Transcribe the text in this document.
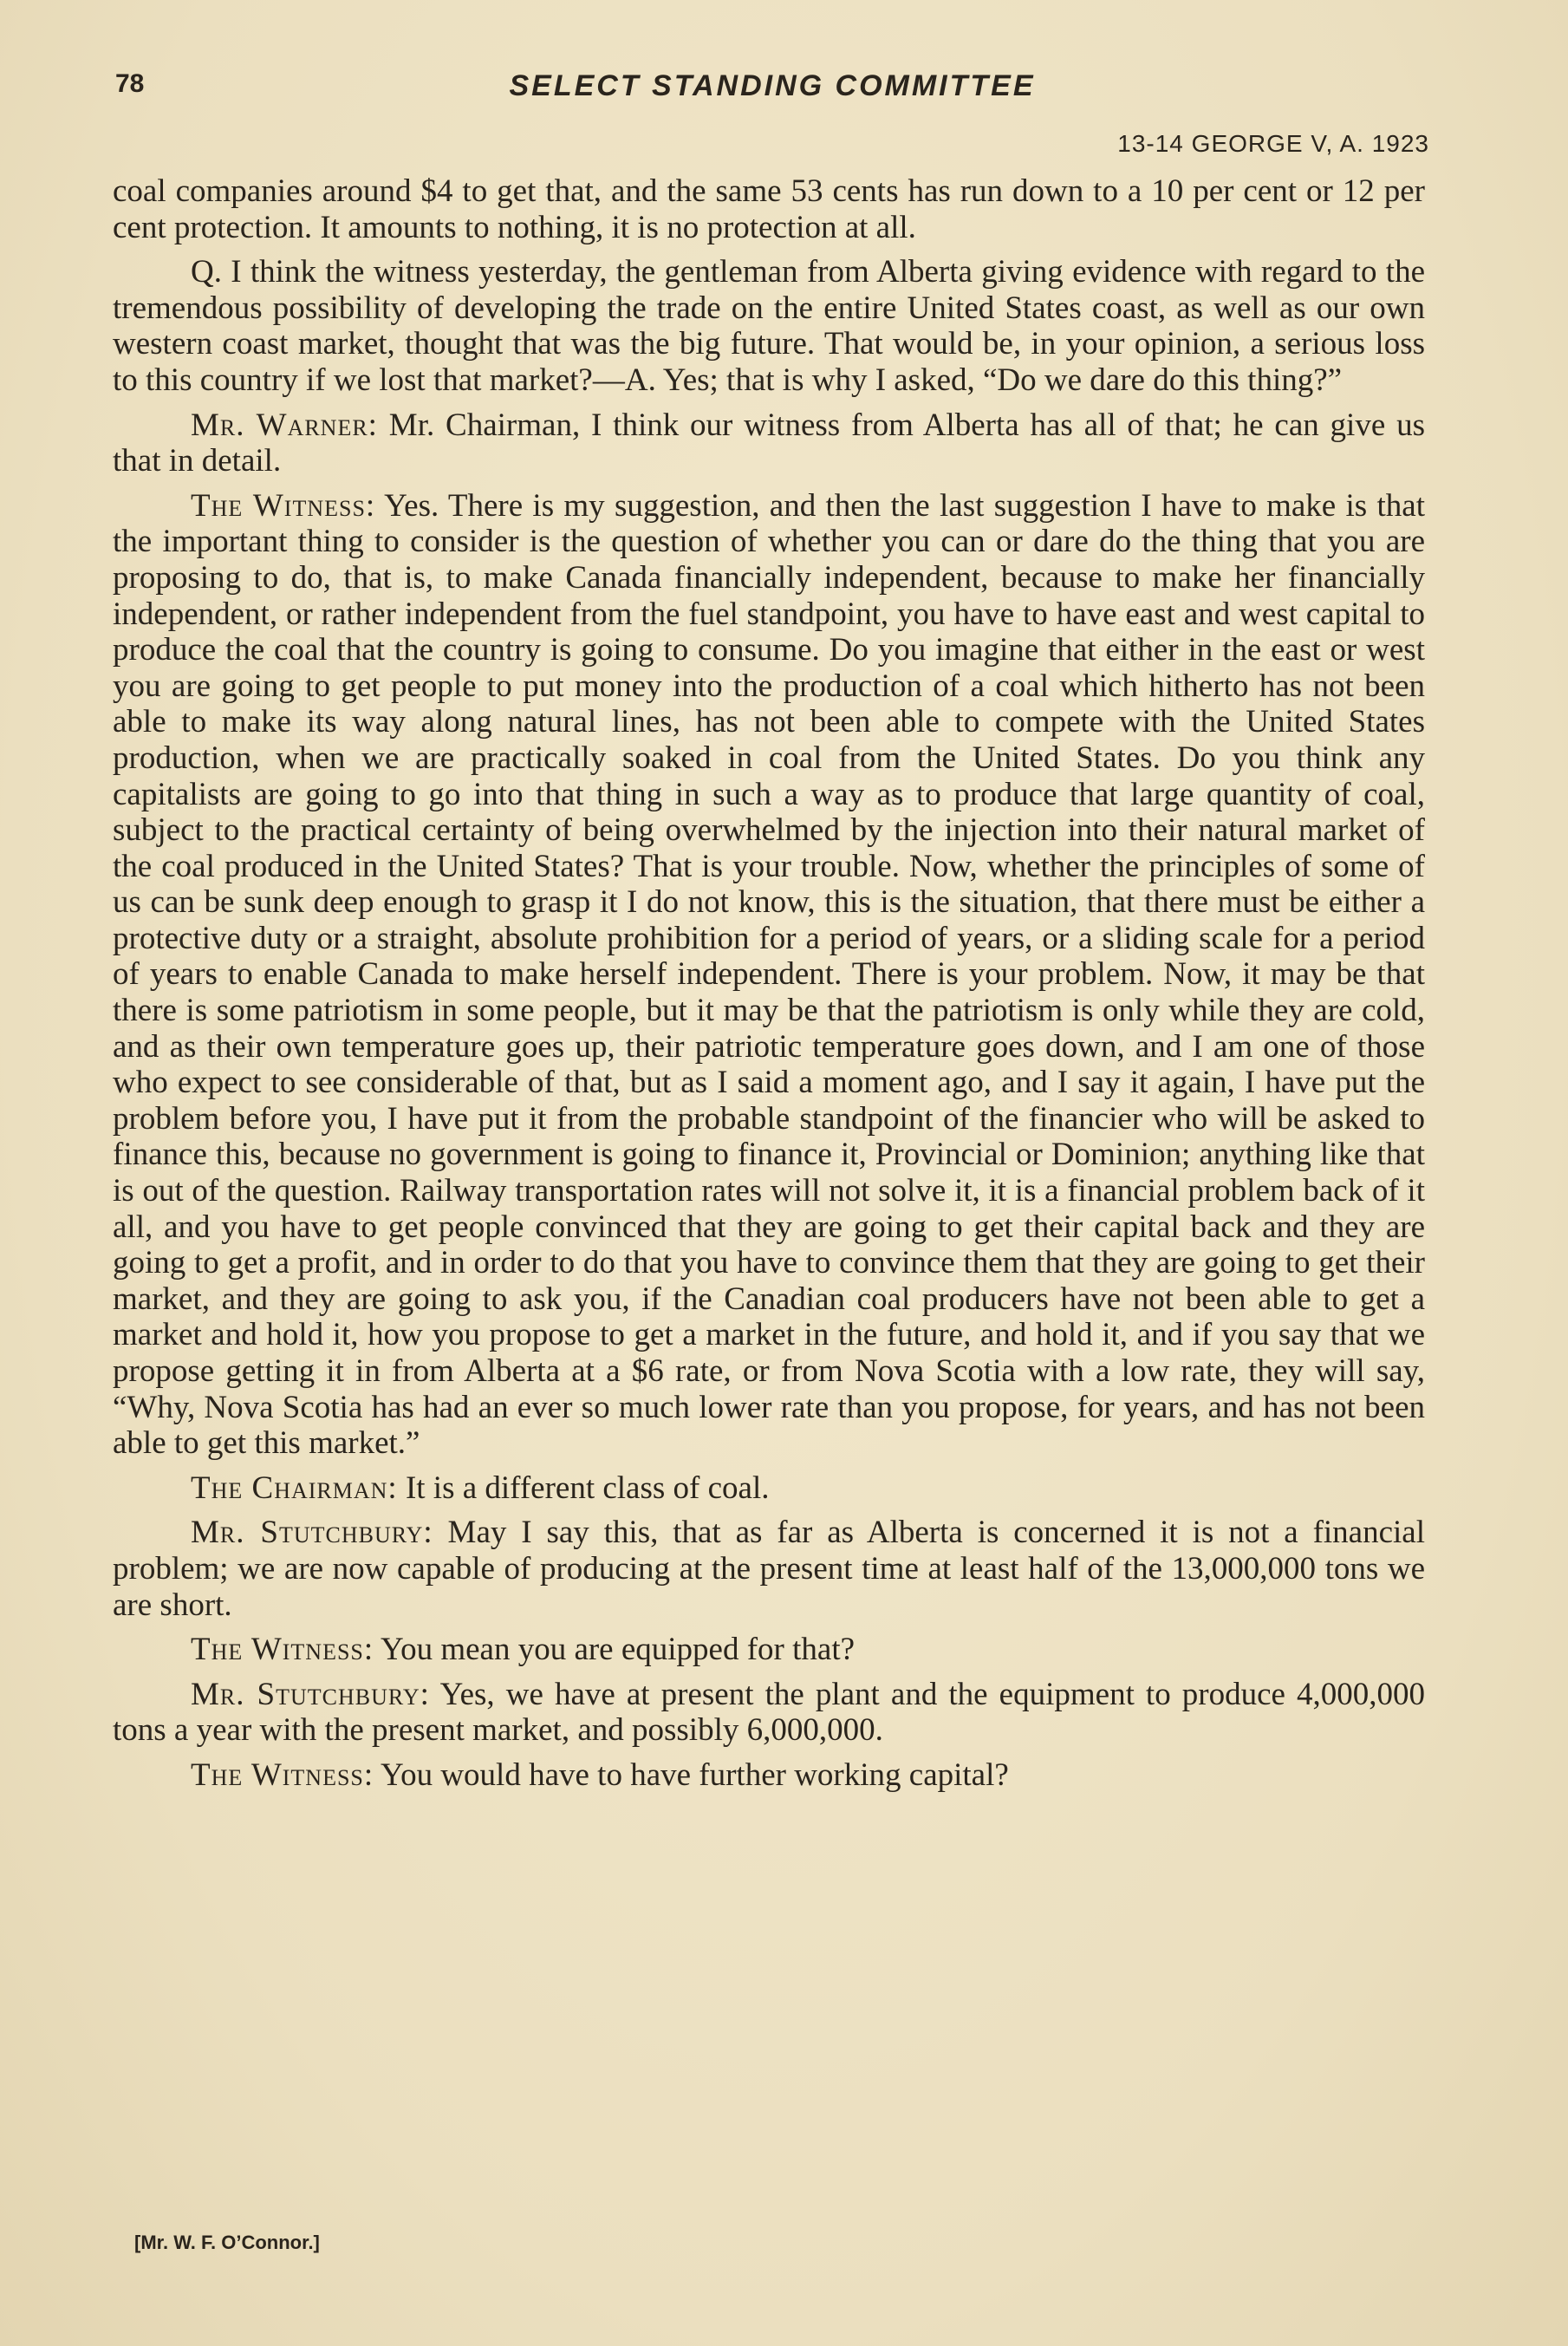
78	SELECT STANDING COMMITTEE
13-14 GEORGE V, A. 1923

coal companies around $4 to get that, and the same 53 cents has run down to a 10 per cent or 12 per cent protection. It amounts to nothing, it is no protection at all.

Q. I think the witness yesterday, the gentleman from Alberta giving evidence with regard to the tremendous possibility of developing the trade on the entire United States coast, as well as our own western coast market, thought that was the big future. That would be, in your opinion, a serious loss to this country if we lost that market?—A. Yes; that is why I asked, “Do we dare do this thing?”

Mr. Warner: Mr. Chairman, I think our witness from Alberta has all of that; he can give us that in detail.

The Witness: Yes. There is my suggestion, and then the last suggestion I have to make is that the important thing to consider is the question of whether you can or dare do the thing that you are proposing to do, that is, to make Canada financially independent, because to make her financially independent, or rather independent from the fuel standpoint, you have to have east and west capital to produce the coal that the country is going to consume. Do you imagine that either in the east or west you are going to get people to put money into the production of a coal which hitherto has not been able to make its way along natural lines, has not been able to compete with the United States production, when we are practically soaked in coal from the United States. Do you think any capitalists are going to go into that thing in such a way as to produce that large quantity of coal, subject to the practical certainty of being overwhelmed by the injection into their natural market of the coal produced in the United States? That is your trouble. Now, whether the principles of some of us can be sunk deep enough to grasp it I do not know, this is the situation, that there must be either a protective duty or a straight, absolute prohibition for a period of years, or a sliding scale for a period of years to enable Canada to make herself independent. There is your problem. Now, it may be that there is some patriotism in some people, but it may be that the patriotism is only while they are cold, and as their own temperature goes up, their patriotic temperature goes down, and I am one of those who expect to see considerable of that, but as I said a moment ago, and I say it again, I have put the problem before you, I have put it from the probable standpoint of the financier who will be asked to finance this, because no government is going to finance it, Provincial or Dominion; anything like that is out of the question. Railway transportation rates will not solve it, it is a financial problem back of it all, and you have to get people convinced that they are going to get their capital back and they are going to get a profit, and in order to do that you have to convince them that they are going to get their market, and they are going to ask you, if the Canadian coal producers have not been able to get a market and hold it, how you propose to get a market in the future, and hold it, and if you say that we propose getting it in from Alberta at a $6 rate, or from Nova Scotia with a low rate, they will say, “Why, Nova Scotia has had an ever so much lower rate than you propose, for years, and has not been able to get this market.”

The Chairman: It is a different class of coal.

Mr. Stutchbury: May I say this, that as far as Alberta is concerned it is not a financial problem; we are now capable of producing at the present time at least half of the 13,000,000 tons we are short.

The Witness: You mean you are equipped for that?

Mr. Stutchbury: Yes, we have at present the plant and the equipment to produce 4,000,000 tons a year with the present market, and possibly 6,000,000.

The Witness: You would have to have further working capital?

[Mr. W. F. O’Connor.]
